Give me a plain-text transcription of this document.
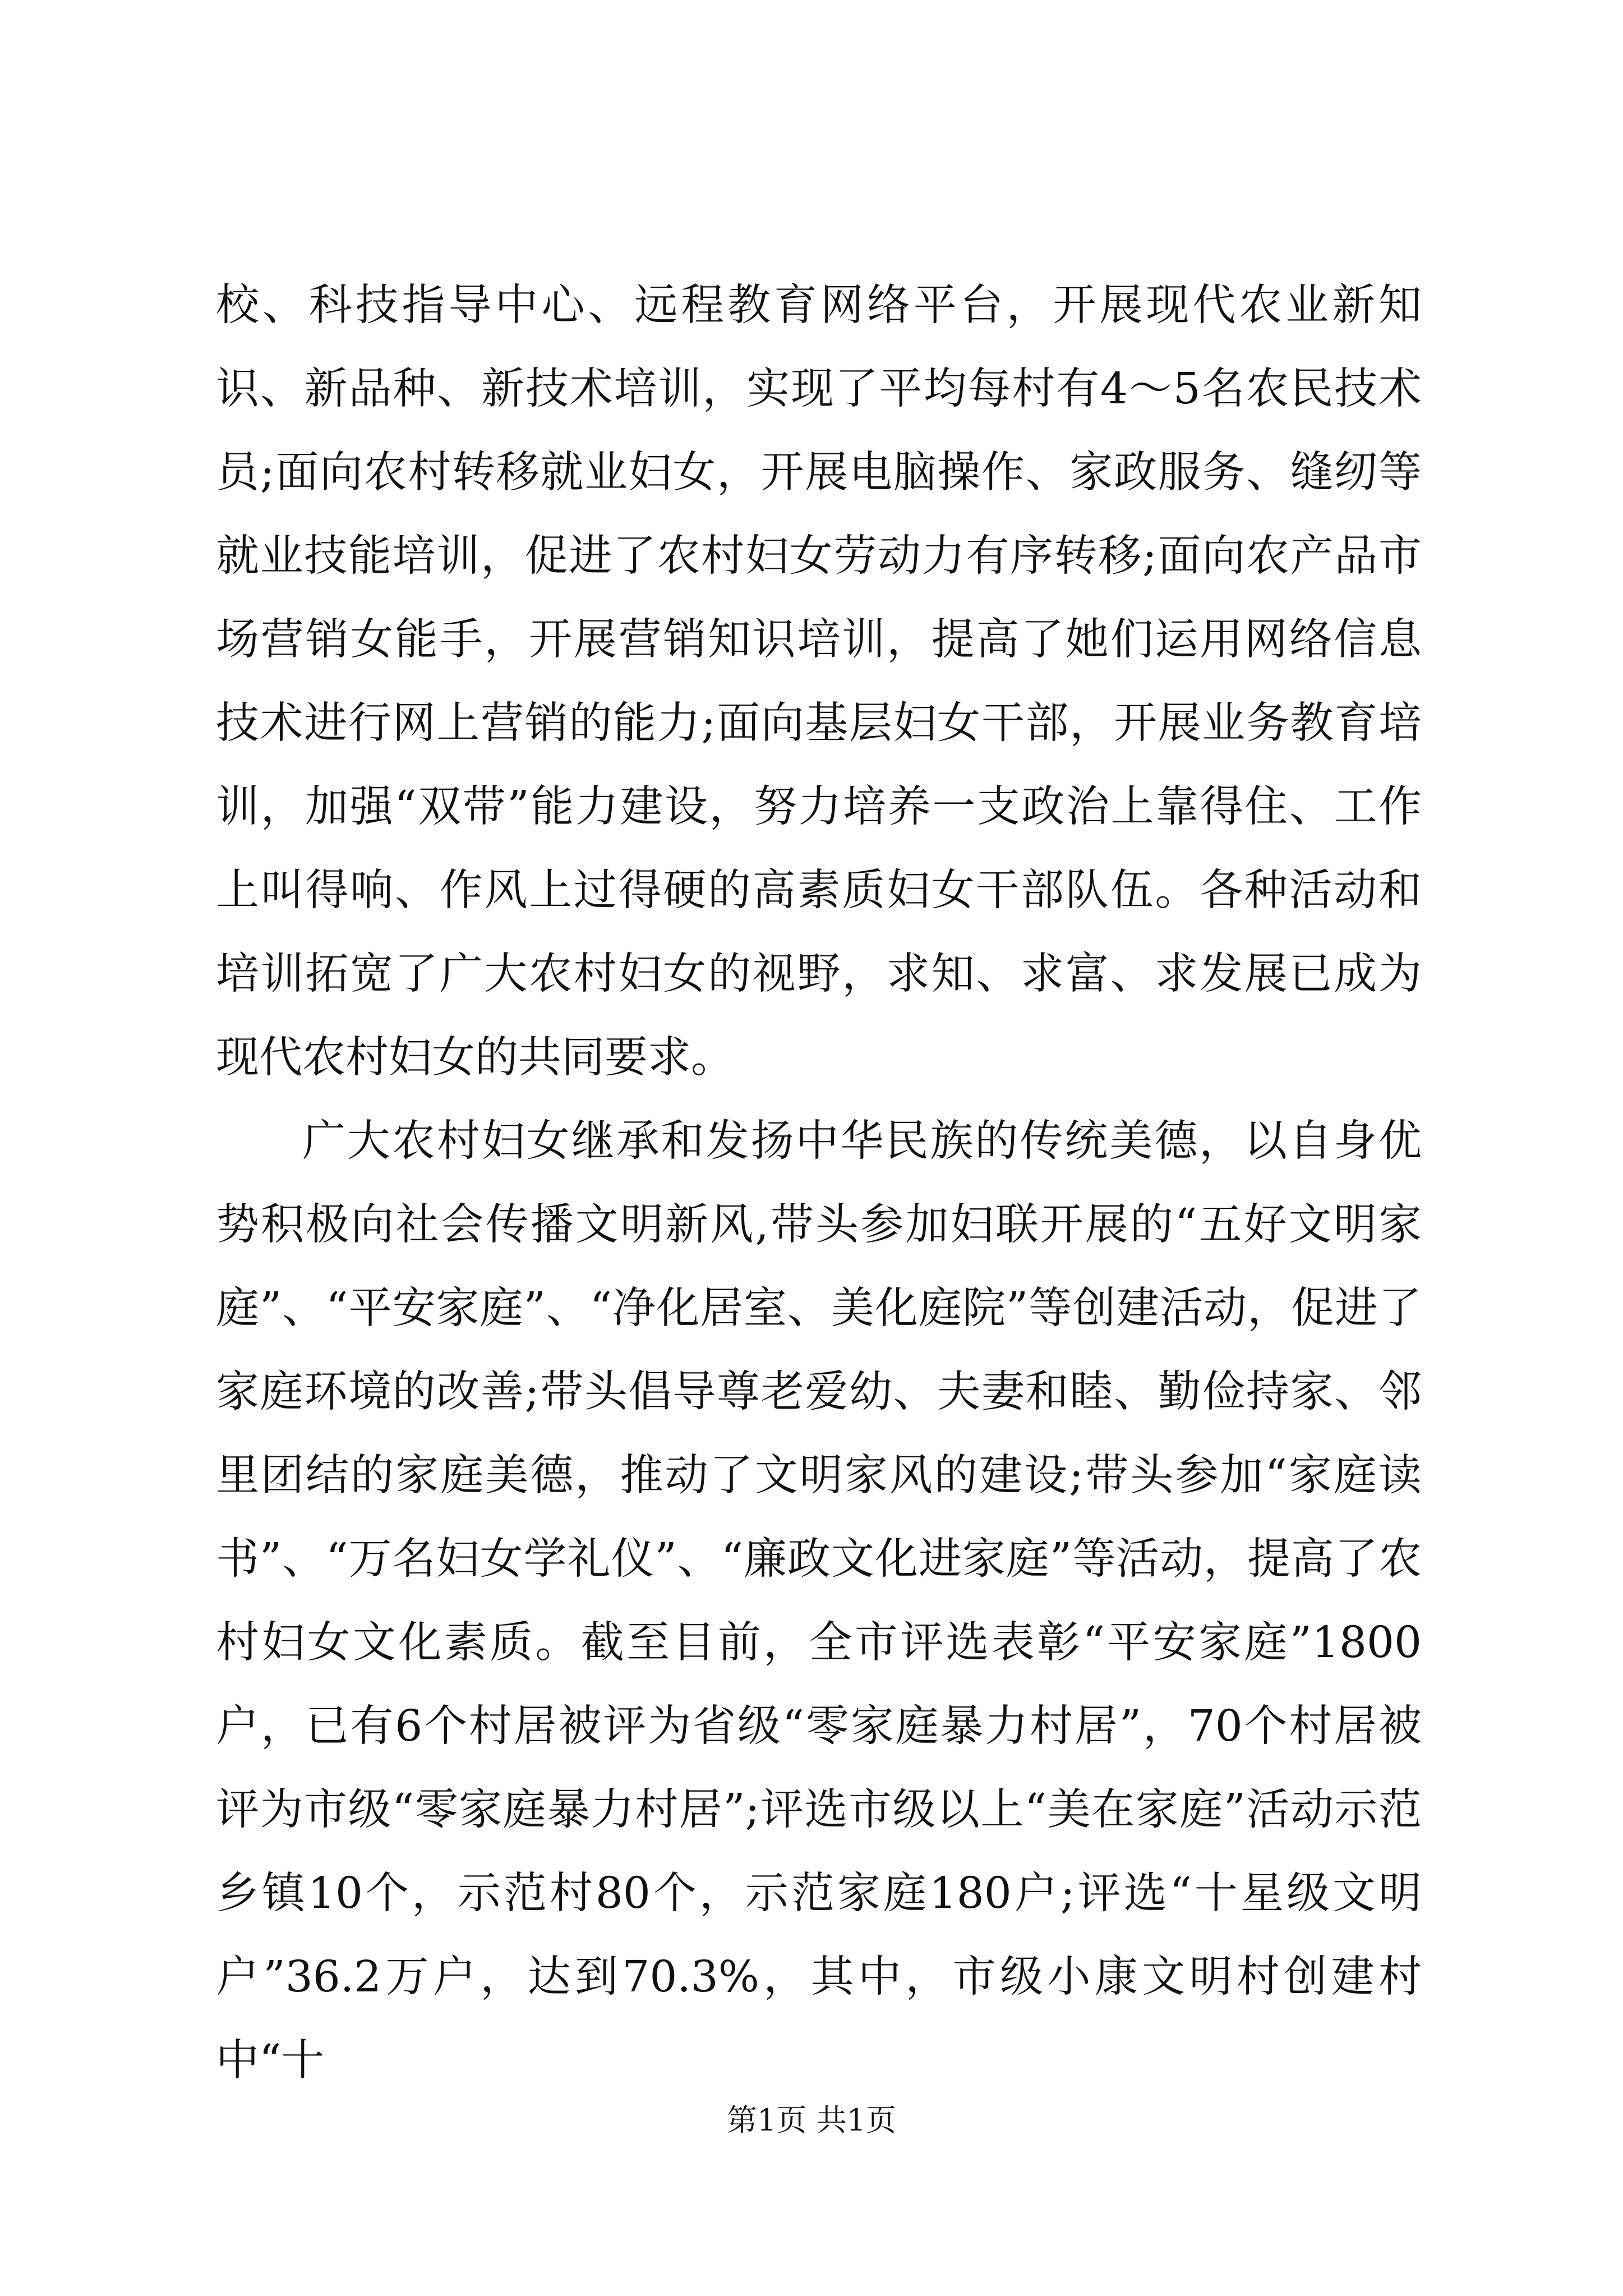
校、科技指导中心、远程教育网络平台，开展现代农业新知识、新品种、新技术培训，实现了平均每村有4～5名农民技术员;面向农村转移就业妇女，开展电脑操作、家政服务、缝纫等就业技能培训，促进了农村妇女劳动力有序转移;面向农产品市场营销女能手，开展营销知识培训，提高了她们运用网络信息技术进行网上营销的能力;面向基层妇女干部，开展业务教育培训，加强“双带”能力建设，努力培养一支政治上靠得住、工作上叫得响、作风上过得硬的高素质妇女干部队伍。各种活动和培训拓宽了广大农村妇女的视野，求知、求富、求发展已成为现代农村妇女的共同要求。

广大农村妇女继承和发扬中华民族的传统美德，以自身优势积极向社会传播文明新风,带头参加妇联开展的“五好文明家庭”、“平安家庭”、“净化居室、美化庭院”等创建活动，促进了家庭环境的改善;带头倡导尊老爱幼、夫妻和睦、勤俭持家、邻里团结的家庭美德，推动了文明家风的建设;带头参加“家庭读书”、“万名妇女学礼仪”、“廉政文化进家庭”等活动，提高了农村妇女文化素质。截至目前，全市评选表彰“平安家庭”1800户，已有6个村居被评为省级“零家庭暴力村居”，70个村居被评为市级“零家庭暴力村居”;评选市级以上“美在家庭”活动示范乡镇10个，示范村80个，示范家庭180户;评选“十星级文明户”36.2万户，达到70.3%，其中，市级小康文明村创建村中“十

第1页 共1页
